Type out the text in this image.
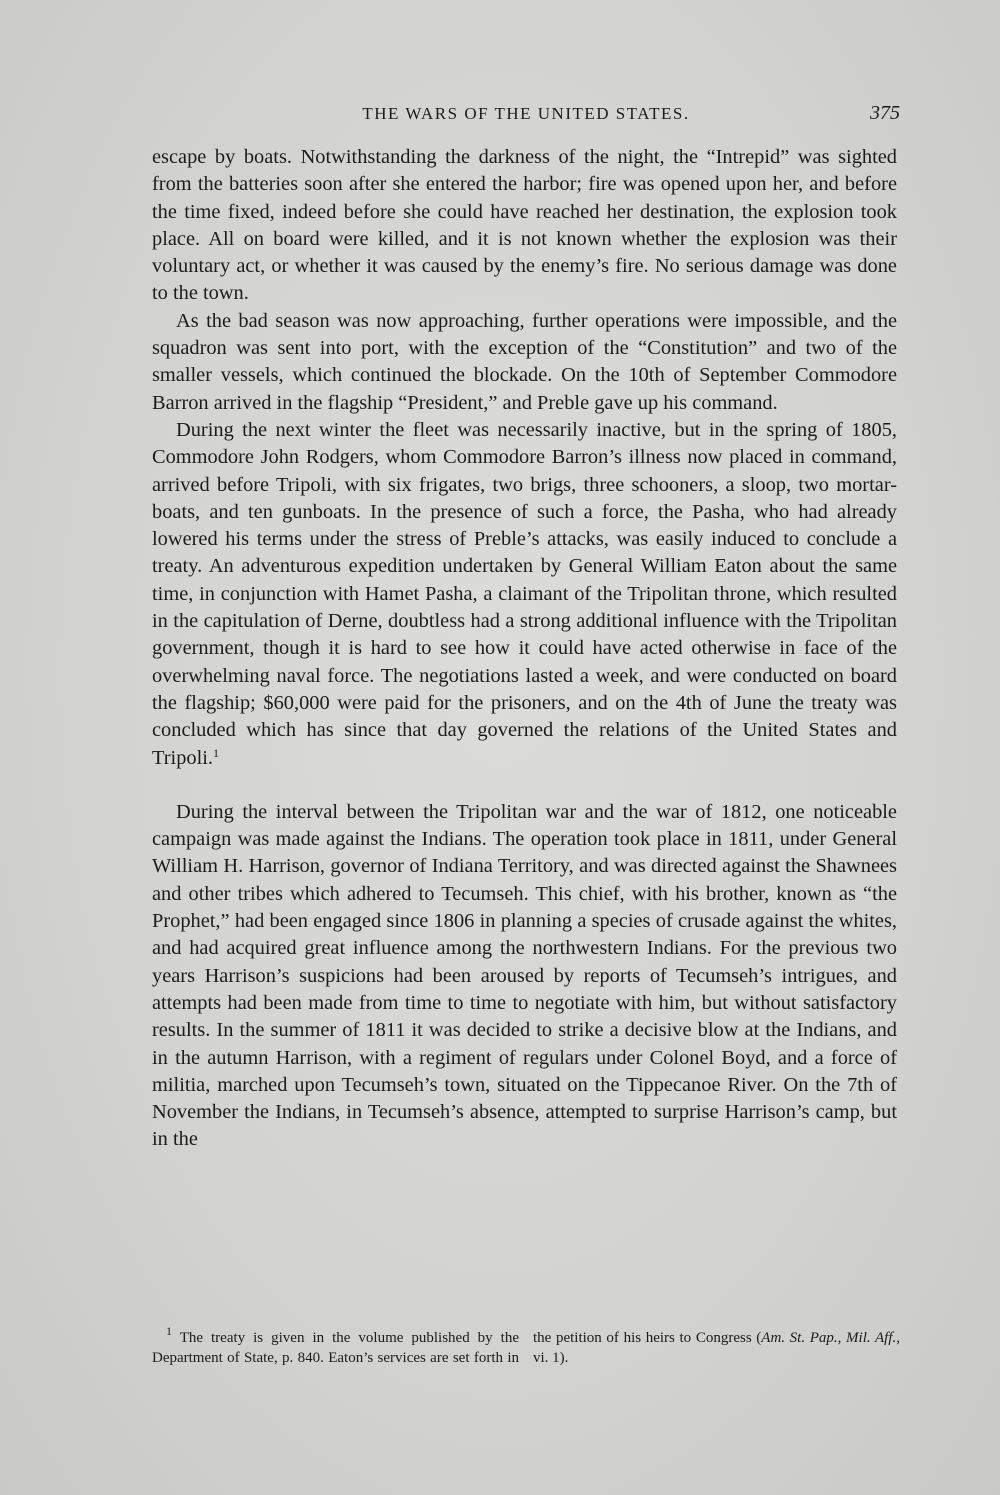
THE WARS OF THE UNITED STATES.	375

escape by boats. Notwithstanding the darkness of the night, the “Intrepid” was sighted from the batteries soon after she entered the harbor; fire was opened upon her, and before the time fixed, indeed before she could have reached her destination, the explosion took place. All on board were killed, and it is not known whether the explosion was their voluntary act, or whether it was caused by the enemy’s fire. No serious damage was done to the town.

As the bad season was now approaching, further operations were impossible, and the squadron was sent into port, with the exception of the “Constitution” and two of the smaller vessels, which continued the blockade. On the 10th of September Commodore Barron arrived in the flagship “President,” and Preble gave up his command.

During the next winter the fleet was necessarily inactive, but in the spring of 1805, Commodore John Rodgers, whom Commodore Barron’s illness now placed in command, arrived before Tripoli, with six frigates, two brigs, three schooners, a sloop, two mortar-boats, and ten gunboats. In the presence of such a force, the Pasha, who had already lowered his terms under the stress of Preble’s attacks, was easily induced to conclude a treaty. An adventurous expedition undertaken by General William Eaton about the same time, in conjunction with Hamet Pasha, a claimant of the Tripolitan throne, which resulted in the capitulation of Derne, doubtless had a strong additional influence with the Tripolitan government, though it is hard to see how it could have acted otherwise in face of the overwhelming naval force. The negotiations lasted a week, and were conducted on board the flagship; $60,000 were paid for the prisoners, and on the 4th of June the treaty was concluded which has since that day governed the relations of the United States and Tripoli.$^1$

During the interval between the Tripolitan war and the war of 1812, one noticeable campaign was made against the Indians. The operation took place in 1811, under General William H. Harrison, governor of Indiana Territory, and was directed against the Shawnees and other tribes which adhered to Tecumseh. This chief, with his brother, known as “the Prophet,” had been engaged since 1806 in planning a species of crusade against the whites, and had acquired great influence among the northwestern Indians. For the previous two years Harrison’s suspicions had been aroused by reports of Tecumseh’s intrigues, and attempts had been made from time to time to negotiate with him, but without satisfactory results. In the summer of 1811 it was decided to strike a decisive blow at the Indians, and in the autumn Harrison, with a regiment of regulars under Colonel Boyd, and a force of militia, marched upon Tecumseh’s town, situated on the Tippecanoe River. On the 7th of November the Indians, in Tecumseh’s absence, attempted to surprise Harrison’s camp, but in the

$^1$ The treaty is given in the volume published by the Department of State, p. 840. Eaton’s services are set forth in the petition of his heirs to Congress (Am. St. Pap., Mil. Aff., vi. 1).
